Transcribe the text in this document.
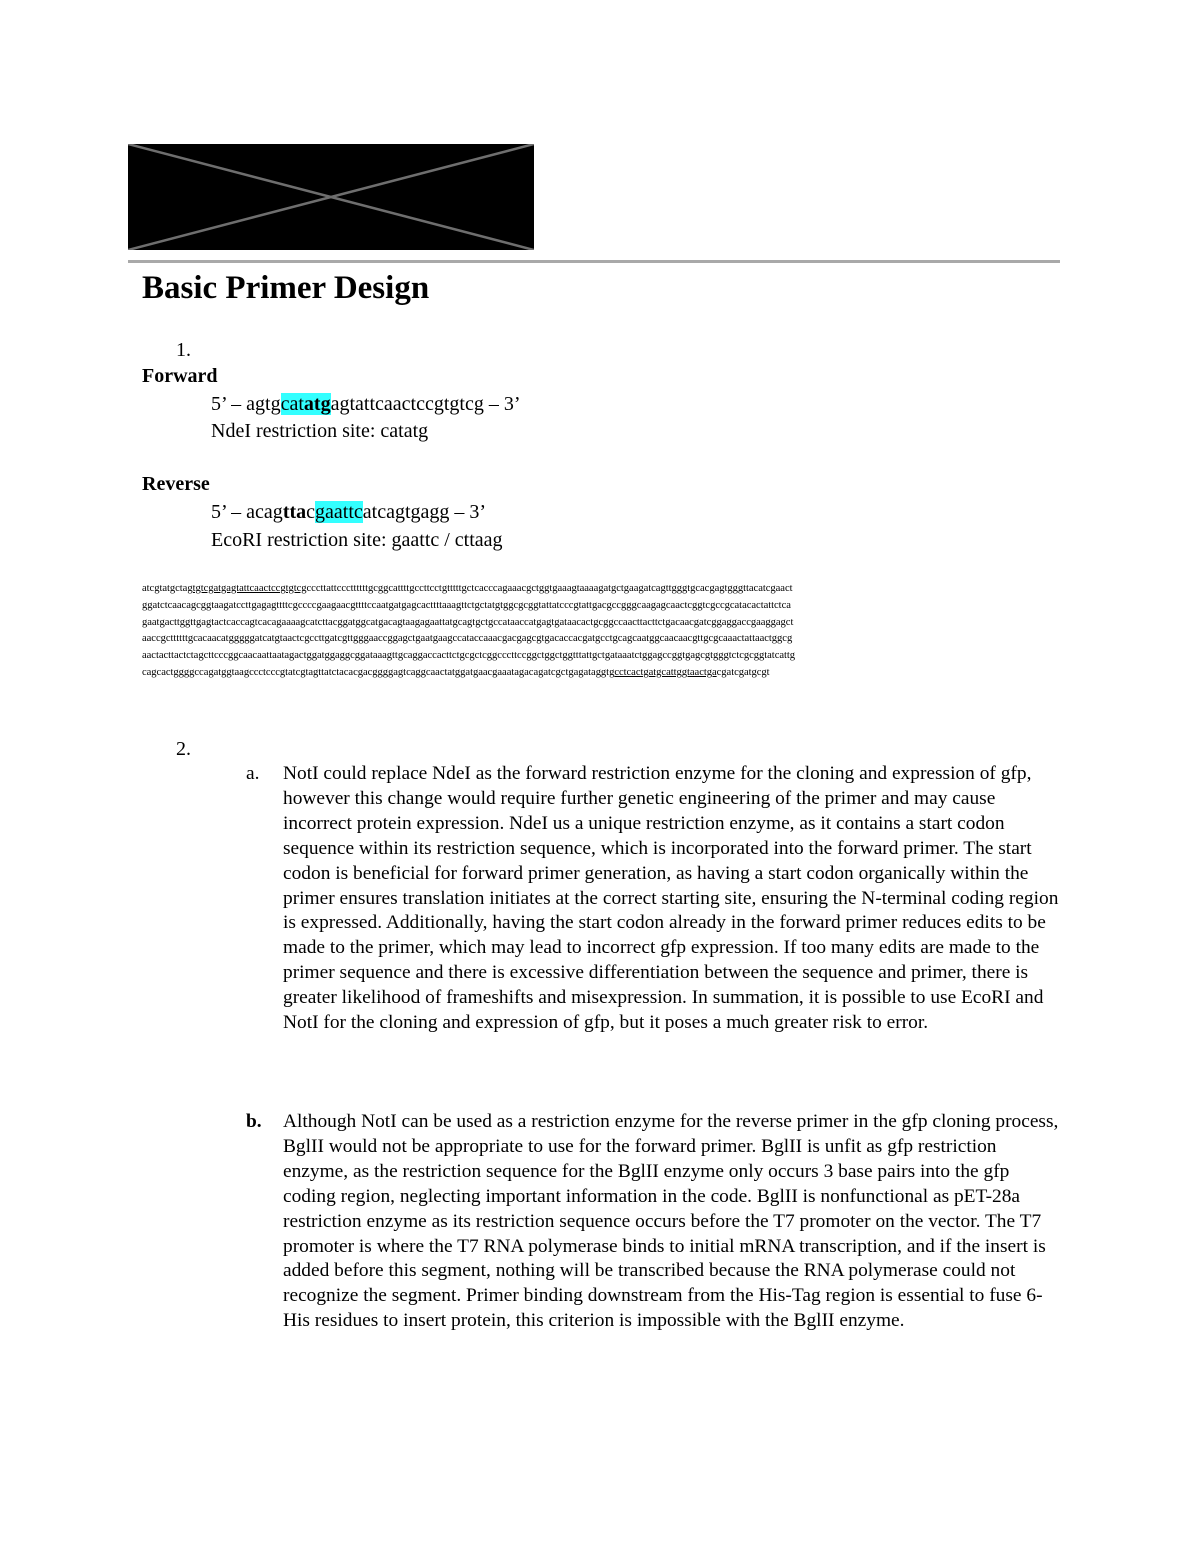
Basic Primer Design
1.
Forward
5’ – agtgcatatgagtattcaactccgtgtcg – 3’
NdeI restriction site: catatg
Reverse
5’ – acagttacgaattcatcagtgagg – 3’
EcoRI restriction site: gaattc / cttaag
atcgtatgctagtgtcgatgagtattcaactccgtgtcgcccttattcccttttttgcggcattttgccttcctgtttttgctcacccagaaacgctggtgaaagtaaaagatgctgaagatcagttgggtgcacgagtgggttacatcgaact
ggatctcaacagcggtaagatccttgagagttttcgccccgaagaacgttttccaatgatgagcacttttaaagttctgctatgtggcgcggtattatcccgtattgacgccgggcaagagcaactcggtcgccgcatacactattctca
gaatgacttggttgagtactcaccagtcacagaaaagcatcttacggatggcatgacagtaagagaattatgcagtgctgccataaccatgagtgataacactgcggccaacttacttctgacaacgatcggaggaccgaaggagct
aaccgcttttttgcacaacatgggggatcatgtaactcgccttgatcgttgggaaccggagctgaatgaagccataccaaacgacgagcgtgacaccacgatgcctgcagcaatggcaacaacgttgcgcaaactattaactggcg
aactacttactctagcttcccggcaacaattaatagactggatggaggcggataaagttgcaggaccacttctgcgctcggcccttccggctggctggtttattgctgataaatctggagccggtgagcgtgggtctcgcggtatcattg
cagcactggggccagatggtaagccctcccgtatcgtagttatctacacgacggggagtcaggcaactatggatgaacgaaatagacagatcgctgagataggtgcctcactgatgcattggtaactgacgatcgatgcgt
2.
a. NotI could replace NdeI as the forward restriction enzyme for the cloning and expression of gfp, however this change would require further genetic engineering of the primer and may cause incorrect protein expression. NdeI us a unique restriction enzyme, as it contains a start codon sequence within its restriction sequence, which is incorporated into the forward primer. The start codon is beneficial for forward primer generation, as having a start codon organically within the primer ensures translation initiates at the correct starting site, ensuring the N-terminal coding region is expressed. Additionally, having the start codon already in the forward primer reduces edits to be made to the primer, which may lead to incorrect gfp expression. If too many edits are made to the primer sequence and there is excessive differentiation between the sequence and primer, there is greater likelihood of frameshifts and misexpression. In summation, it is possible to use EcoRI and NotI for the cloning and expression of gfp, but it poses a much greater risk to error.

b. Although NotI can be used as a restriction enzyme for the reverse primer in the gfp cloning process, BglII would not be appropriate to use for the forward primer. BglII is unfit as gfp restriction enzyme, as the restriction sequence for the BglII enzyme only occurs 3 base pairs into the gfp coding region, neglecting important information in the code. BglII is nonfunctional as pET-28a restriction enzyme as its restriction sequence occurs before the T7 promoter on the vector. The T7 promoter is where the T7 RNA polymerase binds to initial mRNA transcription, and if the insert is added before this segment, nothing will be transcribed because the RNA polymerase could not recognize the segment. Primer binding downstream from the His-Tag region is essential to fuse 6-His residues to insert protein, this criterion is impossible with the BglII enzyme.
